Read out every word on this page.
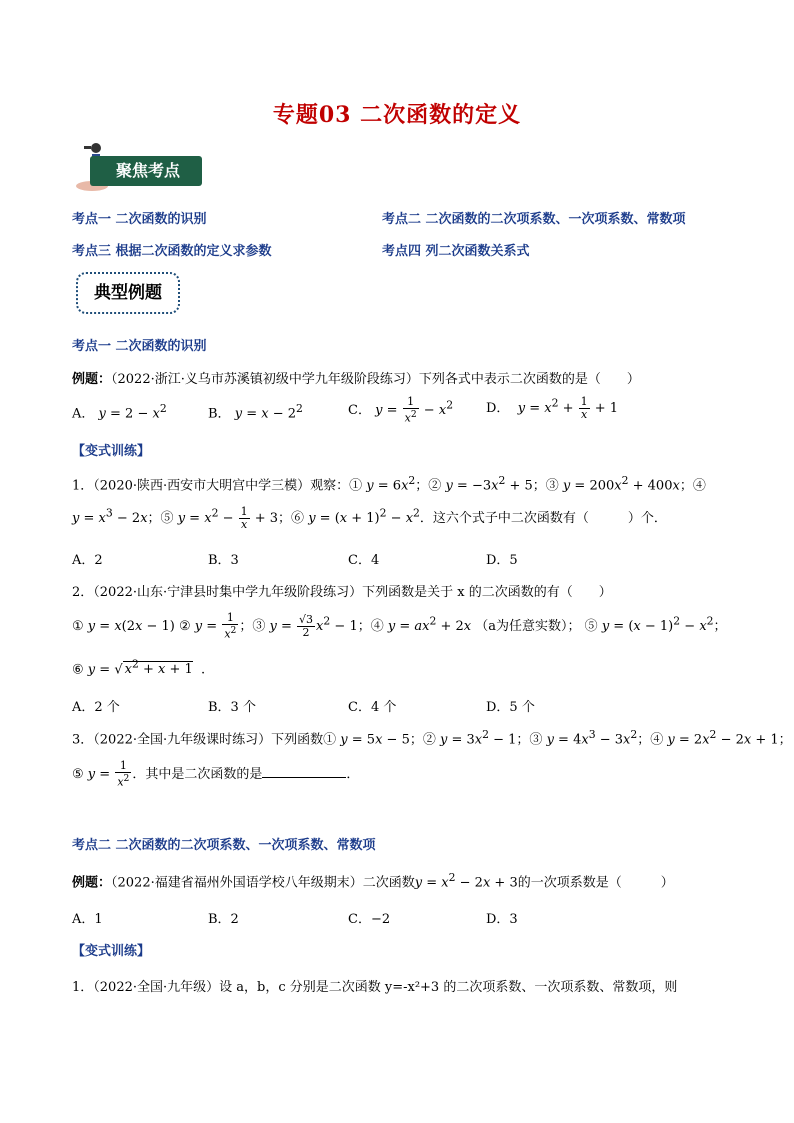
专题03 二次函数的定义
聚焦考点
考点一 二次函数的识别	考点二 二次函数的二次项系数、一次项系数、常数项
考点三 根据二次函数的定义求参数	考点四 列二次函数关系式
典型例题
考点一 二次函数的识别
例题：（2022·浙江·义乌市苏溪镇初级中学九年级阶段练习）下列各式中表示二次函数的是（　　）
A． $y = 2 - x^2$	B． $y = x - 2^2$	C． $y = \frac{1}{x^2} - x^2$	D． $y = x^2 + \frac{1}{x} + 1$
【变式训练】
1．（2020·陕西·西安市大明宫中学三模）观察：① $y = 6x^2$；② $y = -3x^2 + 5$；③ $y = 200x^2 + 400x$；④
$y = x^3 - 2x$；⑤ $y = x^2 - \frac{1}{x} + 3$；⑥ $y = (x + 1)^2 - x^2$．这六个式子中二次函数有（　　　）个．
A．2	B．3	C．4	D．5
2．（2022·山东·宁津县时集中学九年级阶段练习）下列函数是关于 x 的二次函数的有（　　）
① y = x(2x − 1) ② $y = \frac{1}{x^2}$ ；③ $y = \frac{√3}{2} x^2 - 1$；④ $y = ax^2 + 2x$ （a为任意实数）； ⑤ $y = (x - 1)^2 - x^2$；
⑥ y = √ $x^2 + x + 1$  .
A．2 个	B．3 个	C．4 个	D．5 个
3．（2022·全国·九年级课时练习）下列函数① y = 5x − 5；② $y = 3x^2 - 1$；③ $y = 4x^3 - 3x^2$；④ $y = 2x^2 - 2x + 1$；
⑤ $y = \frac{1}{x^2}$ ．其中是二次函数的是	．
考点二 二次函数的二次项系数、一次项系数、常数项
例题：（2022·福建省福州外国语学校八年级期末）二次函数$y = x^2 - 2x + 3$的一次项系数是（　　　）
A．1	B．2	C．−2	D．3
【变式训练】
1．（2022·全国·九年级）设 a，b，c 分别是二次函数 y=-x²+3 的二次项系数、一次项系数、常数项，则
